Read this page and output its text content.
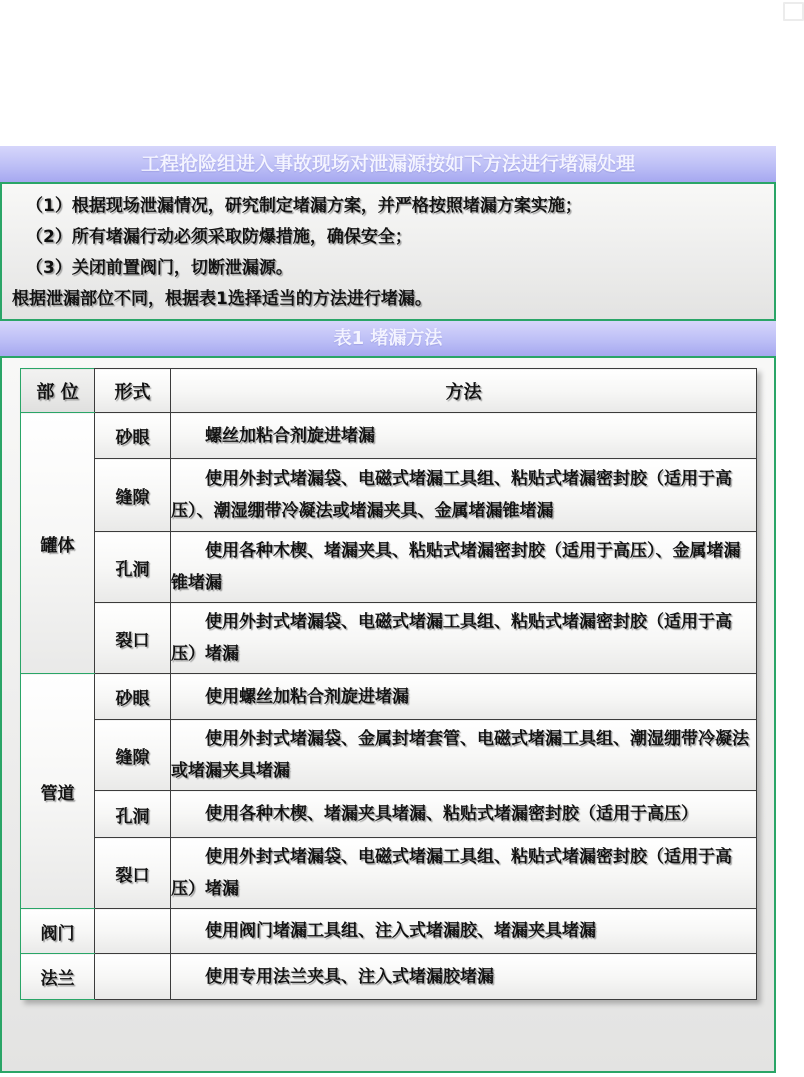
工程抢险组进入事故现场对泄漏源按如下方法进行堵漏处理

（1）根据现场泄漏情况，研究制定堵漏方案，并严格按照堵漏方案实施；

（2）所有堵漏行动必须采取防爆措施，确保安全；

（3）关闭前置阀门，切断泄漏源。

根据泄漏部位不同，根据表1选择适当的方法进行堵漏。

表1 堵漏方法
部 位	形式	方法
罐体	砂眼	螺丝加粘合剂旋进堵漏
	缝隙	使用外封式堵漏袋、电磁式堵漏工具组、粘贴式堵漏密封胶（适用于高压）、潮湿绷带冷凝法或堵漏夹具、金属堵漏锥堵漏
	孔洞	使用各种木楔、堵漏夹具、粘贴式堵漏密封胶（适用于高压）、金属堵漏锥堵漏
	裂口	使用外封式堵漏袋、电磁式堵漏工具组、粘贴式堵漏密封胶（适用于高压）堵漏
管道	砂眼	使用螺丝加粘合剂旋进堵漏
	缝隙	使用外封式堵漏袋、金属封堵套管、电磁式堵漏工具组、潮湿绷带冷凝法或堵漏夹具堵漏
	孔洞	使用各种木楔、堵漏夹具堵漏、粘贴式堵漏密封胶（适用于高压）
	裂口	使用外封式堵漏袋、电磁式堵漏工具组、粘贴式堵漏密封胶（适用于高压）堵漏
阀门		使用阀门堵漏工具组、注入式堵漏胶、堵漏夹具堵漏
法兰		使用专用法兰夹具、注入式堵漏胶堵漏
